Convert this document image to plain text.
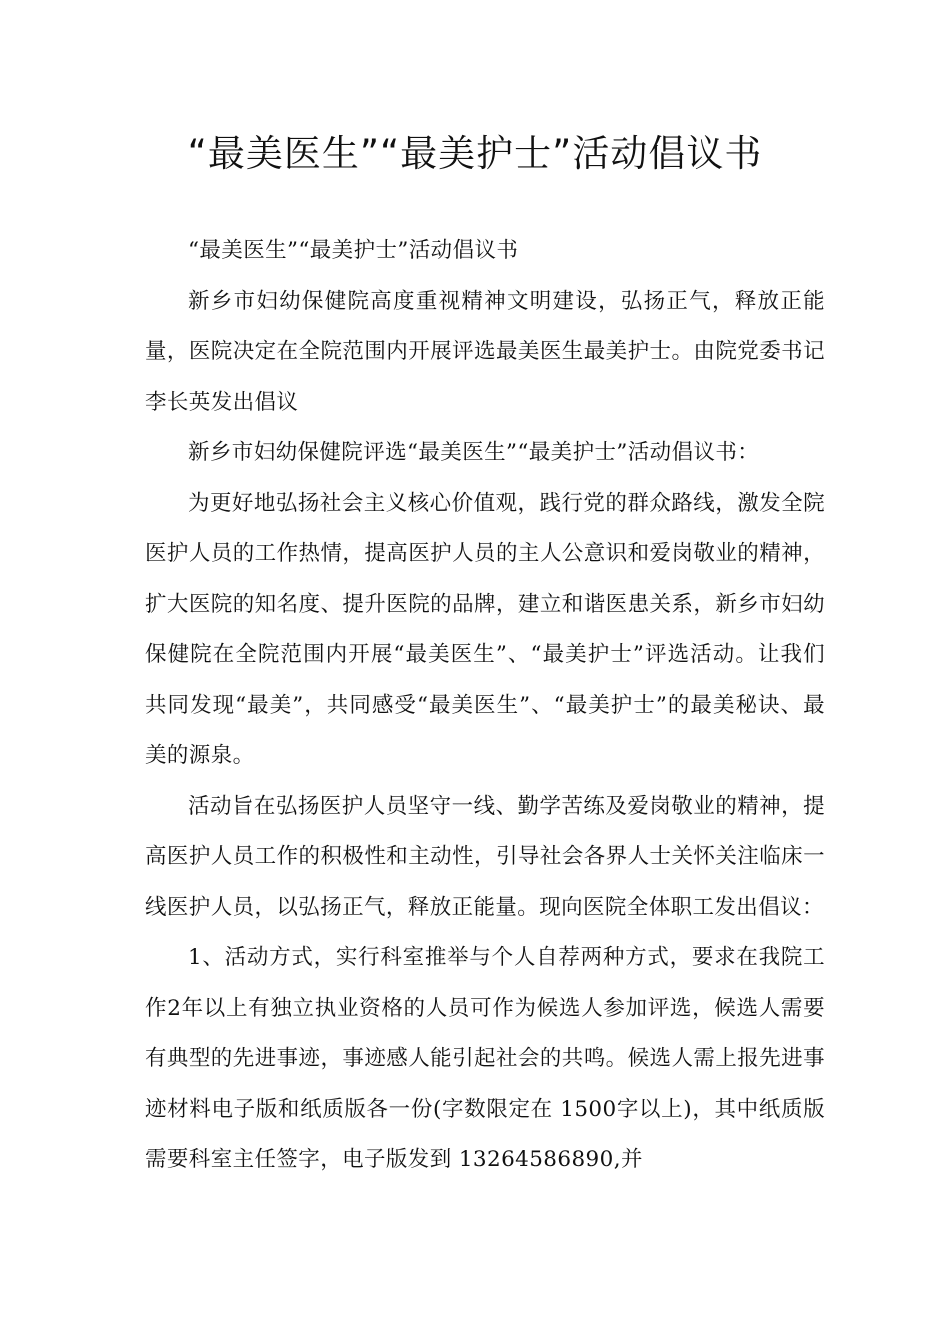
“最美医生”“最美护士”活动倡议书

“最美医生”“最美护士”活动倡议书

新乡市妇幼保健院高度重视精神文明建设，弘扬正气，释放正能量，医院决定在全院范围内开展评选最美医生最美护士。由院党委书记李长英发出倡议

新乡市妇幼保健院评选“最美医生”“最美护士”活动倡议书：

为更好地弘扬社会主义核心价值观，践行党的群众路线，激发全院医护人员的工作热情，提高医护人员的主人公意识和爱岗敬业的精神，扩大医院的知名度、提升医院的品牌，建立和谐医患关系，新乡市妇幼保健院在全院范围内开展“最美医生”、“最美护士”评选活动。让我们共同发现“最美”，共同感受“最美医生”、“最美护士”的最美秘诀、最美的源泉。

活动旨在弘扬医护人员坚守一线、勤学苦练及爱岗敬业的精神，提高医护人员工作的积极性和主动性，引导社会各界人士关怀关注临床一线医护人员，以弘扬正气，释放正能量。现向医院全体职工发出倡议：

1、活动方式，实行科室推举与个人自荐两种方式，要求在我院工作2年以上有独立执业资格的人员可作为候选人参加评选，候选人需要有典型的先进事迹，事迹感人能引起社会的共鸣。候选人需上报先进事迹材料电子版和纸质版各一份(字数限定在 1500字以上)，其中纸质版需要科室主任签字，电子版发到 13264586890,并
